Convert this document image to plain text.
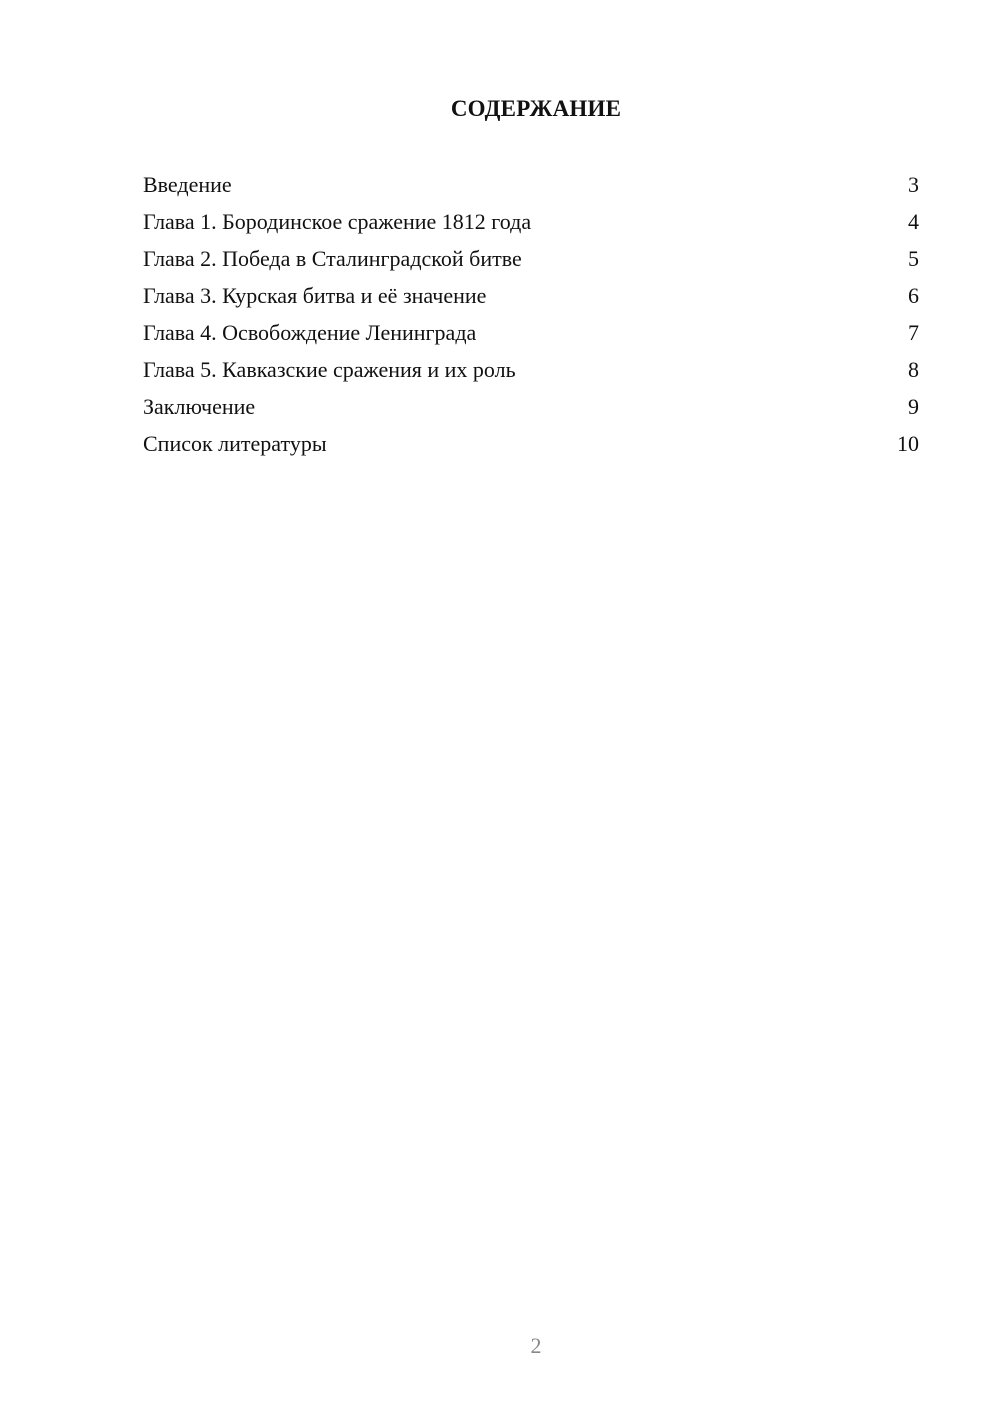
СОДЕРЖАНИЕ
Введение	3
Глава 1. Бородинское сражение 1812 года	4
Глава 2. Победа в Сталинградской битве	5
Глава 3. Курская битва и её значение	6
Глава 4. Освобождение Ленинграда	7
Глава 5. Кавказские сражения и их роль	8
Заключение	9
Список литературы	10
2
